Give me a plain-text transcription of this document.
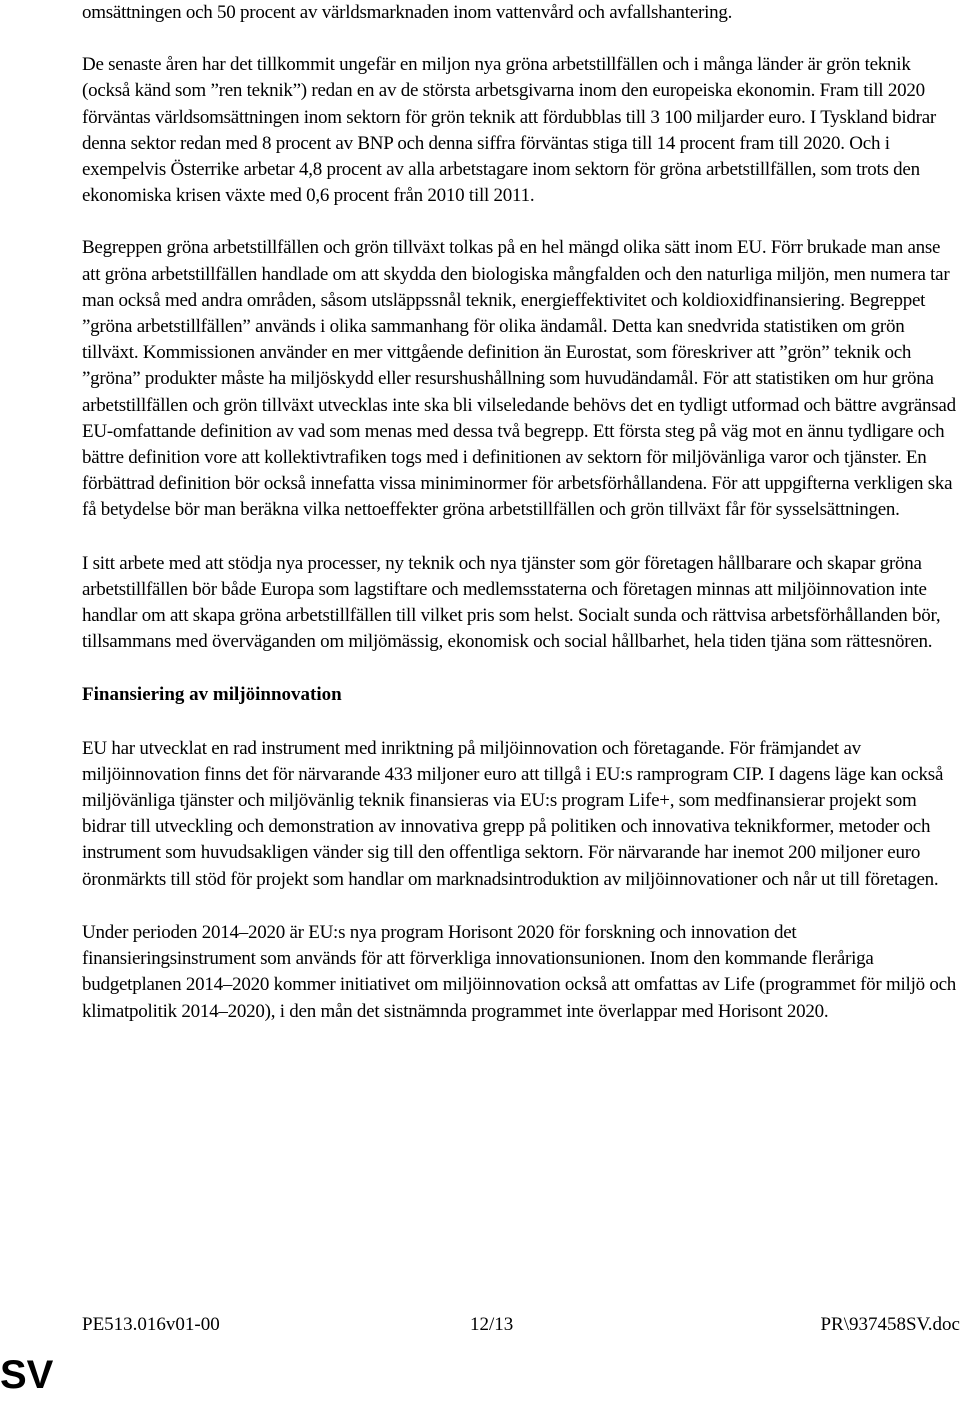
omsättningen och 50 procent av världsmarknaden inom vattenvård och avfallshantering.

De senaste åren har det tillkommit ungefär en miljon nya gröna arbetstillfällen och i många länder är grön teknik (också känd som ”ren teknik”) redan en av de största arbetsgivarna inom den europeiska ekonomin. Fram till 2020 förväntas världsomsättningen inom sektorn för grön teknik att fördubblas till 3 100 miljarder euro. I Tyskland bidrar denna sektor redan med 8 procent av BNP och denna siffra förväntas stiga till 14 procent fram till 2020. Och i exempelvis Österrike arbetar 4,8 procent av alla arbetstagare inom sektorn för gröna arbetstillfällen, som trots den ekonomiska krisen växte med 0,6 procent från 2010 till 2011.

Begreppen gröna arbetstillfällen och grön tillväxt tolkas på en hel mängd olika sätt inom EU. Förr brukade man anse att gröna arbetstillfällen handlade om att skydda den biologiska mångfalden och den naturliga miljön, men numera tar man också med andra områden, såsom utsläppssnål teknik, energieffektivitet och koldioxidfinansiering. Begreppet ”gröna arbetstillfällen” används i olika sammanhang för olika ändamål. Detta kan snedvrida statistiken om grön tillväxt. Kommissionen använder en mer vittgående definition än Eurostat, som föreskriver att ”grön” teknik och ”gröna” produkter måste ha miljöskydd eller resurshushållning som huvudändamål. För att statistiken om hur gröna arbetstillfällen och grön tillväxt utvecklas inte ska bli vilseledande behövs det en tydligt utformad och bättre avgränsad EU-omfattande definition av vad som menas med dessa två begrepp. Ett första steg på väg mot en ännu tydligare och bättre definition vore att kollektivtrafiken togs med i definitionen av sektorn för miljövänliga varor och tjänster. En förbättrad definition bör också innefatta vissa miniminormer för arbetsförhållandena. För att uppgifterna verkligen ska få betydelse bör man beräkna vilka nettoeffekter gröna arbetstillfällen och grön tillväxt får för sysselsättningen.

I sitt arbete med att stödja nya processer, ny teknik och nya tjänster som gör företagen hållbarare och skapar gröna arbetstillfällen bör både Europa som lagstiftare och medlemsstaterna och företagen minnas att miljöinnovation inte handlar om att skapa gröna arbetstillfällen till vilket pris som helst. Socialt sunda och rättvisa arbetsförhållanden bör, tillsammans med överväganden om miljömässig, ekonomisk och social hållbarhet, hela tiden tjäna som rättesnören.

Finansiering av miljöinnovation

EU har utvecklat en rad instrument med inriktning på miljöinnovation och företagande. För främjandet av miljöinnovation finns det för närvarande 433 miljoner euro att tillgå i EU:s ramprogram CIP. I dagens läge kan också miljövänliga tjänster och miljövänlig teknik finansieras via EU:s program Life+, som medfinansierar projekt som bidrar till utveckling och demonstration av innovativa grepp på politiken och innovativa teknikformer, metoder och instrument som huvudsakligen vänder sig till den offentliga sektorn. För närvarande har inemot 200 miljoner euro öronmärkts till stöd för projekt som handlar om marknadsintroduktion av miljöinnovationer och når ut till företagen.

Under perioden 2014–2020 är EU:s nya program Horisont 2020 för forskning och innovation det finansieringsinstrument som används för att förverkliga innovationsunionen. Inom den kommande fleråriga budgetplanen 2014–2020 kommer initiativet om miljöinnovation också att omfattas av Life (programmet för miljö och klimatpolitik 2014–2020), i den mån det sistnämnda programmet inte överlappar med Horisont 2020.

PE513.016v01-00	12/13	PR\937458SV.doc
SV
